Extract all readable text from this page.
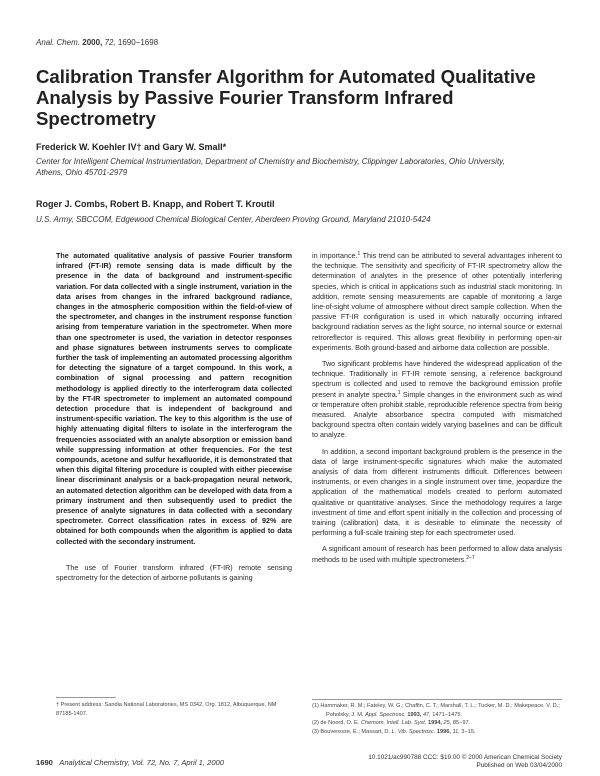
Anal. Chem. 2000, 72, 1690−1698
Calibration Transfer Algorithm for Automated Qualitative Analysis by Passive Fourier Transform Infrared Spectrometry
Frederick W. Koehler IV† and Gary W. Small*
Center for Intelligent Chemical Instrumentation, Department of Chemistry and Biochemistry, Clippinger Laboratories, Ohio University, Athens, Ohio 45701-2979
Roger J. Combs, Robert B. Knapp, and Robert T. Kroutil
U.S. Army, SBCCOM, Edgewood Chemical Biological Center, Aberdeen Proving Ground, Maryland 21010-5424

The automated qualitative analysis of passive Fourier transform infrared (FT-IR) remote sensing data is made difficult by the presence in the data of background and instrument-specific variation. For data collected with a single instrument, variation in the data arises from changes in the infrared background radiance, changes in the atmospheric composition within the field-of-view of the spectrometer, and changes in the instrument response function arising from temperature variation in the spectrometer. When more than one spectrometer is used, the variation in detector responses and phase signatures between instruments serves to complicate further the task of implementing an automated processing algorithm for detecting the signature of a target compound. In this work, a combination of signal processing and pattern recognition methodology is applied directly to the interferogram data collected by the FT-IR spectrometer to implement an automated compound detection procedure that is independent of background and instrument-specific variation. The key to this algorithm is the use of highly attenuating digital filters to isolate in the interferogram the frequencies associated with an analyte absorption or emission band while suppressing information at other frequencies. For the test compounds, acetone and sulfur hexafluoride, it is demonstrated that when this digital filtering procedure is coupled with either piecewise linear discriminant analysis or a back-propagation neural network, an automated detection algorithm can be developed with data from a primary instrument and then subsequently used to predict the presence of analyte signatures in data collected with a secondary spectrometer. Correct classification rates in excess of 92% are obtained for both compounds when the algorithm is applied to data collected with the secondary instrument.

The use of Fourier transform infrared (FT-IR) remote sensing spectrometry for the detection of airborne pollutants is gaining

† Present address: Sandia National Laboratories, MS 0342, Org. 1812, Albuquerque, NM 87185-1407.

in importance.$^1$ This trend can be attributed to several advantages inherent to the technique. The sensitivity and specificity of FT-IR spectrometry allow the determination of analytes in the presence of other potentially interfering species, which is critical in applications such as industrial stack monitoring. In addition, remote sensing measurements are capable of monitoring a large line-of-sight volume of atmosphere without direct sample collection. When the passive FT-IR configuration is used in which naturally occurring infrared background radiation serves as the light source, no internal source or external retroreflector is required. This allows great flexibility in performing open-air experiments. Both ground-based and airborne data collection are possible.

Two significant problems have hindered the widespread application of the technique. Traditionally in FT-IR remote sensing, a reference background spectrum is collected and used to remove the background emission profile present in analyte spectra.$^1$ Simple changes in the environment such as wind or temperature often prohibit stable, reproducible reference spectra from being measured. Analyte absorbance spectra computed with mismatched background spectra often contain widely varying baselines and can be difficult to analyze.

In addition, a second important background problem is the presence in the data of large instrument-specific signatures which make the automated analysis of data from different instruments difficult. Differences between instruments, or even changes in a single instrument over time, jeopardize the application of the mathematical models created to perform automated qualitative or quantitative analyses. Since the methodology requires a large investment of time and effort spent initially in the collection and processing of training (calibration) data, it is desirable to eliminate the necessity of performing a full-scale training step for each spectrometer used.

A significant amount of research has been performed to allow data analysis methods to be used with multiple spectrometers.$^{2-7}$

(1) Hammaker, R. M.; Fateley, W. G.; Chaffin, C. T.; Marshall, T. L.; Tucker, M. D.; Makepeace, V. D.; Poholsky, J. M. Appl. Spectrosc. 1993, 47, 1471−1475.

(2) de Noord, O. E. Chemom. Intell. Lab. Syst. 1994, 25, 85−97.

(3) Bouveresse, E.; Massart, D. L. Vib. Spectrosc. 1996, 11, 3−15.

1690 Analytical Chemistry, Vol. 72, No. 7, April 1, 2000
10.1021/ac990788 CCC: $19.00 © 2000 American Chemical Society
Published on Web 03/04/2000
